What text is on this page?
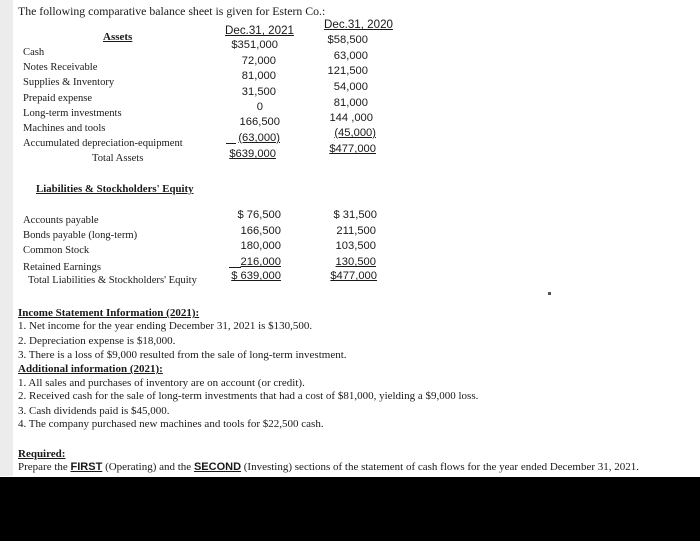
The following comparative balance sheet is given for Estern Co.:
Assets	Dec.31, 2021	Dec.31, 2020
Cash
Notes Receivable
Supplies & Inventory
Prepaid expense
Long-term investments
Machines and tools
Accumulated depreciation-equipment
Total Assets
$351,000
72,000
81,000
31,500
0
166,500
(63,000)
$639,000
$58,500
63,000
121,500
54,000
81,000
144 ,000
(45,000)
$477,000
Liabilities & Stockholders' Equity
Accounts payable
Bonds payable (long-term)
Common Stock
Retained Earnings
Total Liabilities & Stockholders' Equity
$ 76,500
166,500
180,000
216,000
$ 639,000
$ 31,500
211,500
103,500
130,500
$477,000
Income Statement Information (2021):
1. Net income for the year ending December 31, 2021 is $130,500.
2. Depreciation expense is $18,000.
3. There is a loss of $9,000 resulted from the sale of long-term investment.
Additional information (2021):
1. All sales and purchases of inventory are on account (or credit).
2. Received cash for the sale of long-term investments that had a cost of $81,000, yielding a $9,000 loss.
3. Cash dividends paid is $45,000.
4. The company purchased new machines and tools for $22,500 cash.
Required:
Prepare the FIRST (Operating) and the SECOND (Investing) sections of the statement of cash flows for the year ended December 31, 2021.
